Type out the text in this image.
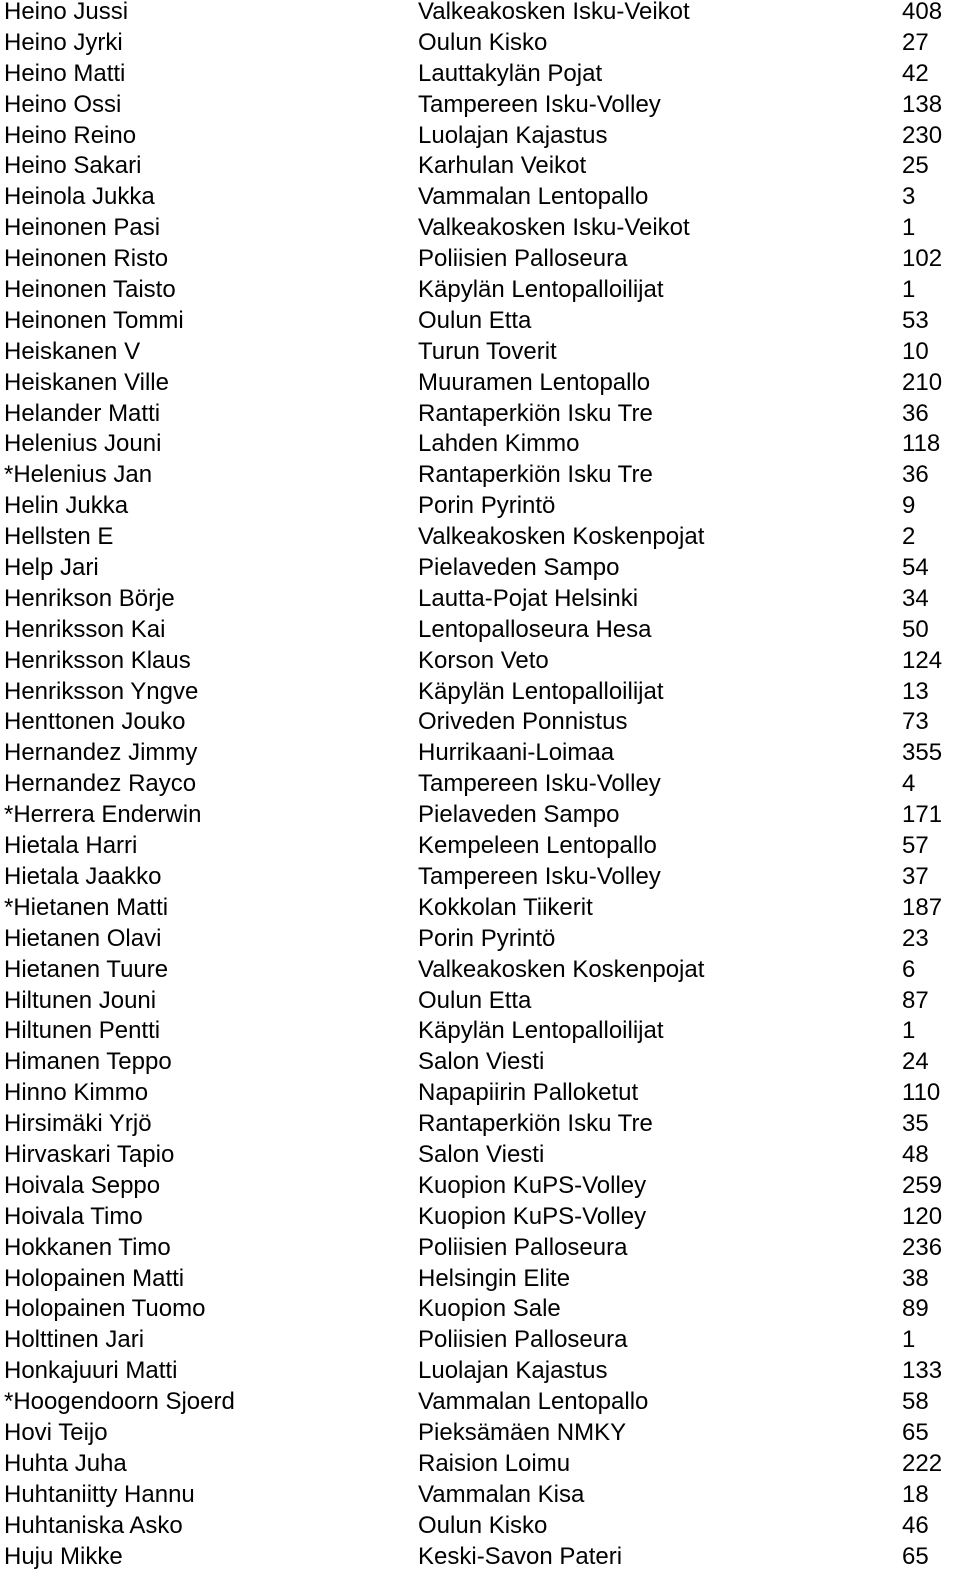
Heino Jussi	Valkeakosken Isku-Veikot	408
Heino Jyrki	Oulun Kisko	27
Heino Matti	Lauttakylän Pojat	42
Heino Ossi	Tampereen Isku-Volley	138
Heino Reino	Luolajan Kajastus	230
Heino Sakari	Karhulan Veikot	25
Heinola Jukka	Vammalan Lentopallo	3
Heinonen Pasi	Valkeakosken Isku-Veikot	1
Heinonen Risto	Poliisien Palloseura	102
Heinonen Taisto	Käpylän Lentopalloilijat	1
Heinonen Tommi	Oulun Etta	53
Heiskanen V	Turun Toverit	10
Heiskanen Ville	Muuramen Lentopallo	210
Helander Matti	Rantaperkiön Isku Tre	36
Helenius Jouni	Lahden Kimmo	118
*Helenius Jan	Rantaperkiön Isku Tre	36
Helin Jukka	Porin Pyrintö	9
Hellsten E	Valkeakosken Koskenpojat	2
Help Jari	Pielaveden Sampo	54
Henrikson Börje	Lautta-Pojat Helsinki	34
Henriksson Kai	Lentopalloseura Hesa	50
Henriksson Klaus	Korson Veto	124
Henriksson Yngve	Käpylän Lentopalloilijat	13
Henttonen Jouko	Oriveden Ponnistus	73
Hernandez Jimmy	Hurrikaani-Loimaa	355
Hernandez Rayco	Tampereen Isku-Volley	4
*Herrera Enderwin	Pielaveden Sampo	171
Hietala Harri	Kempeleen Lentopallo	57
Hietala Jaakko	Tampereen Isku-Volley	37
*Hietanen Matti	Kokkolan Tiikerit	187
Hietanen Olavi	Porin Pyrintö	23
Hietanen Tuure	Valkeakosken Koskenpojat	6
Hiltunen Jouni	Oulun Etta	87
Hiltunen Pentti	Käpylän Lentopalloilijat	1
Himanen Teppo	Salon Viesti	24
Hinno Kimmo	Napapiirin Palloketut	110
Hirsimäki Yrjö	Rantaperkiön Isku Tre	35
Hirvaskari Tapio	Salon Viesti	48
Hoivala Seppo	Kuopion KuPS-Volley	259
Hoivala Timo	Kuopion KuPS-Volley	120
Hokkanen Timo	Poliisien Palloseura	236
Holopainen Matti	Helsingin Elite	38
Holopainen Tuomo	Kuopion Sale	89
Holttinen Jari	Poliisien Palloseura	1
Honkajuuri Matti	Luolajan Kajastus	133
*Hoogendoorn Sjoerd	Vammalan Lentopallo	58
Hovi Teijo	Pieksämäen NMKY	65
Huhta Juha	Raision Loimu	222
Huhtaniitty Hannu	Vammalan Kisa	18
Huhtaniska Asko	Oulun Kisko	46
Huju Mikke	Keski-Savon Pateri	65
